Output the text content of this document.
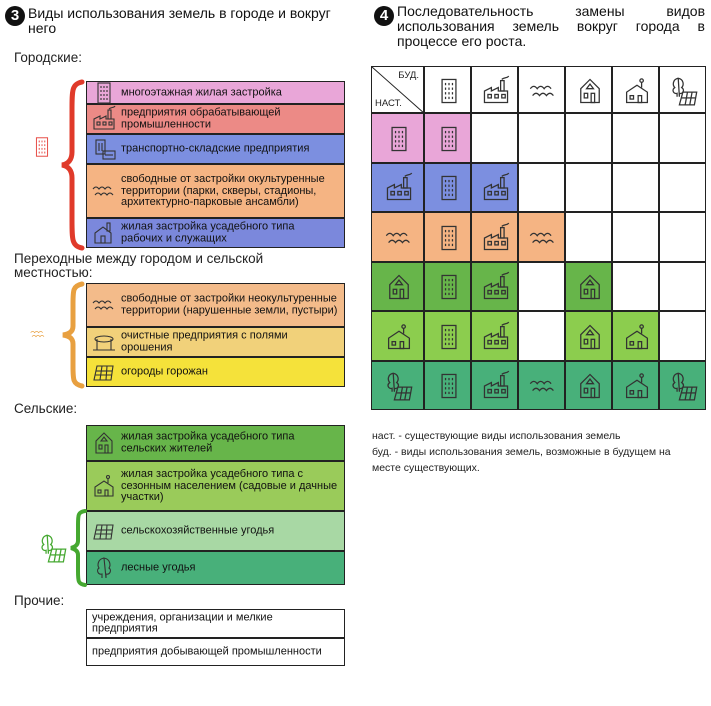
3 Виды использования земель в городе и вокруг него
Городские:
Переходные между городом и сельской местностью:
Сельские:
Прочие:
многоэтажная жилая застройка
предприятия обрабатывающей промышленности
транспортно-складские предприятия
свободные от застройки окультуренные территории (парки, скверы, стадионы, архитектурно-парковые ансамбли)
жилая застройка усадебного типа рабочих и служащих
свободные от застройки неокультуренные территории (нарушенные земли, пустыри)
очистные предприятия с полями орошения
огороды горожан
жилая застройка усадебного типа сельских жителей
жилая застройка усадебного типа с сезонным населением (садовые и дачные участки)
сельскохозяйственные угодья
лесные угодья
учреждения, организации и мелкие предприятия
предприятия добывающей промышленности
4 Последовательность замены видов использования земель вокруг города в процессе его роста.
БУД.
НАСТ.
наст. - существующие виды использования земель
буд. - виды использования земель, возможные в будущем на месте существующих.
